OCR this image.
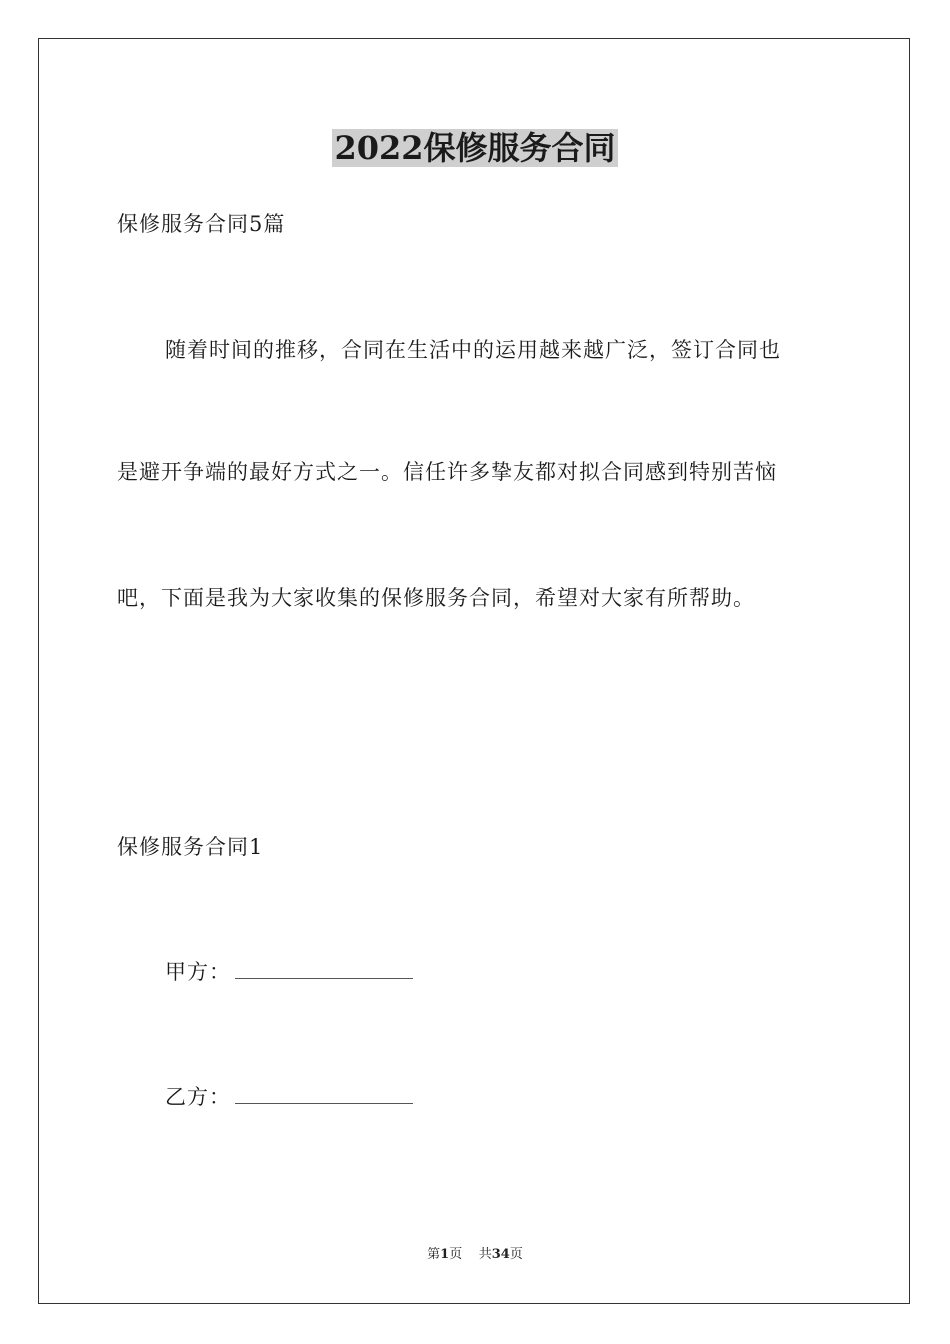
2022保修服务合同

保修服务合同5篇

随着时间的推移，合同在生活中的运用越来越广泛，签订合同也

是避开争端的最好方式之一。信任许多挚友都对拟合同感到特别苦恼

吧，下面是我为大家收集的保修服务合同，希望对大家有所帮助。

保修服务合同1

甲方：

乙方：

第1页 共34页
